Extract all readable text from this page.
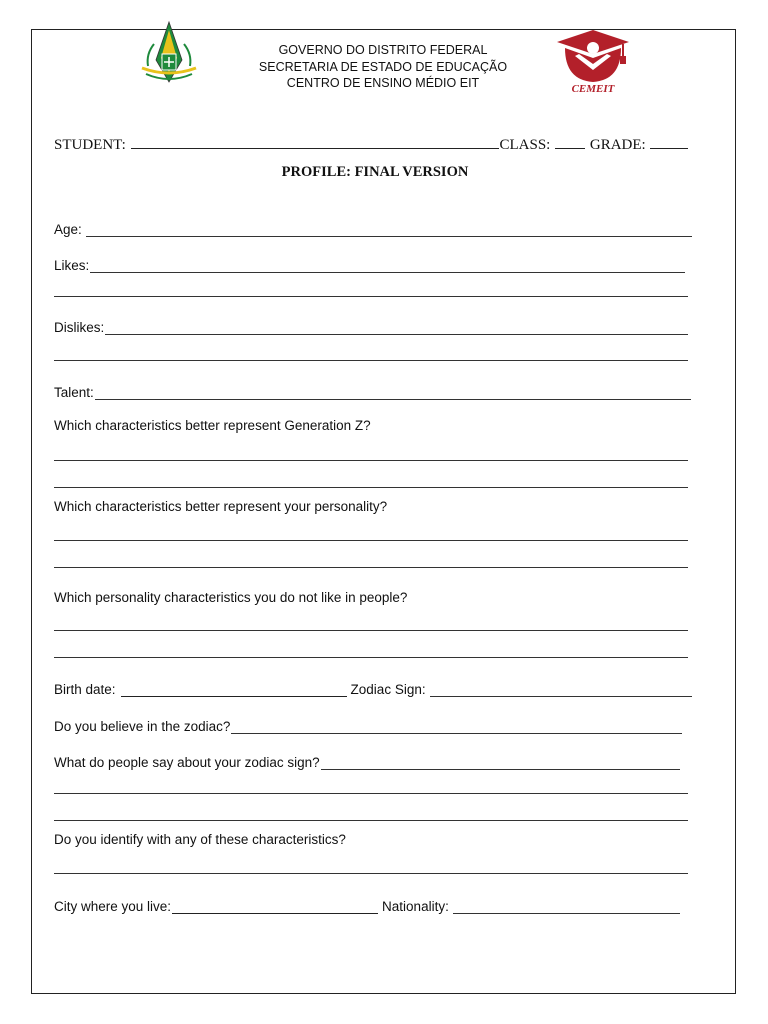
GOVERNO DO DISTRITO FEDERAL
SECRETARIA DE ESTADO DE EDUCAÇÃO
CENTRO DE ENSINO MÉDIO EIT	CEMEIT
STUDENT:	CLASS:	GRADE:
PROFILE: FINAL VERSION
Age:
Likes:
Dislikes:
Talent:
Which characteristics better represent Generation Z?
Which characteristics better represent your personality?
Which personality characteristics you do not like in people?
Birth date:	Zodiac Sign:
Do you believe in the zodiac?
What do people say about your zodiac sign?
Do you identify with any of these characteristics?
City where you live:	Nationality:
